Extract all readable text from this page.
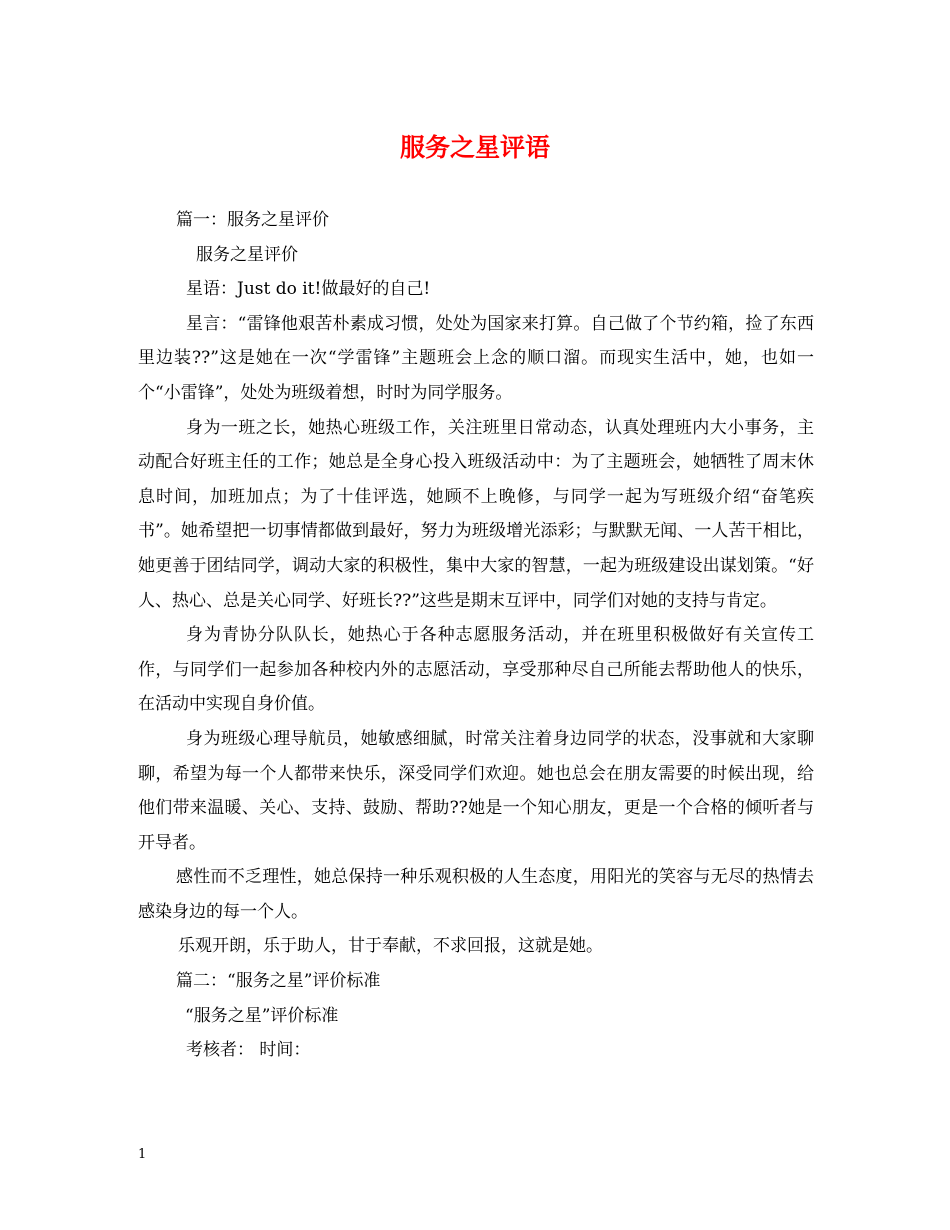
服务之星评语

篇一：服务之星评价

服务之星评价

星语：Just do it!做最好的自己!

星言：“雷锋他艰苦朴素成习惯，处处为国家来打算。自己做了个节约箱，捡了东西里边装??”这是她在一次“学雷锋”主题班会上念的顺口溜。而现实生活中，她，也如一个“小雷锋”，处处为班级着想，时时为同学服务。

身为一班之长，她热心班级工作，关注班里日常动态，认真处理班内大小事务，主动配合好班主任的工作；她总是全身心投入班级活动中：为了主题班会，她牺牲了周末休息时间，加班加点；为了十佳评选，她顾不上晚修，与同学一起为写班级介绍“奋笔疾书”。她希望把一切事情都做到最好，努力为班级增光添彩；与默默无闻、一人苦干相比，她更善于团结同学，调动大家的积极性，集中大家的智慧，一起为班级建设出谋划策。“好人、热心、总是关心同学、好班长??”这些是期末互评中，同学们对她的支持与肯定。

身为青协分队队长，她热心于各种志愿服务活动，并在班里积极做好有关宣传工作，与同学们一起参加各种校内外的志愿活动，享受那种尽自己所能去帮助他人的快乐，在活动中实现自身价值。

身为班级心理导航员，她敏感细腻，时常关注着身边同学的状态，没事就和大家聊聊，希望为每一个人都带来快乐，深受同学们欢迎。她也总会在朋友需要的时候出现，给他们带来温暖、关心、支持、鼓励、帮助??她是一个知心朋友，更是一个合格的倾听者与开导者。

感性而不乏理性，她总保持一种乐观积极的人生态度，用阳光的笑容与无尽的热情去感染身边的每一个人。

乐观开朗，乐于助人，甘于奉献，不求回报，这就是她。

篇二：“服务之星”评价标准

“服务之星”评价标准

考核者： 时间：

1
